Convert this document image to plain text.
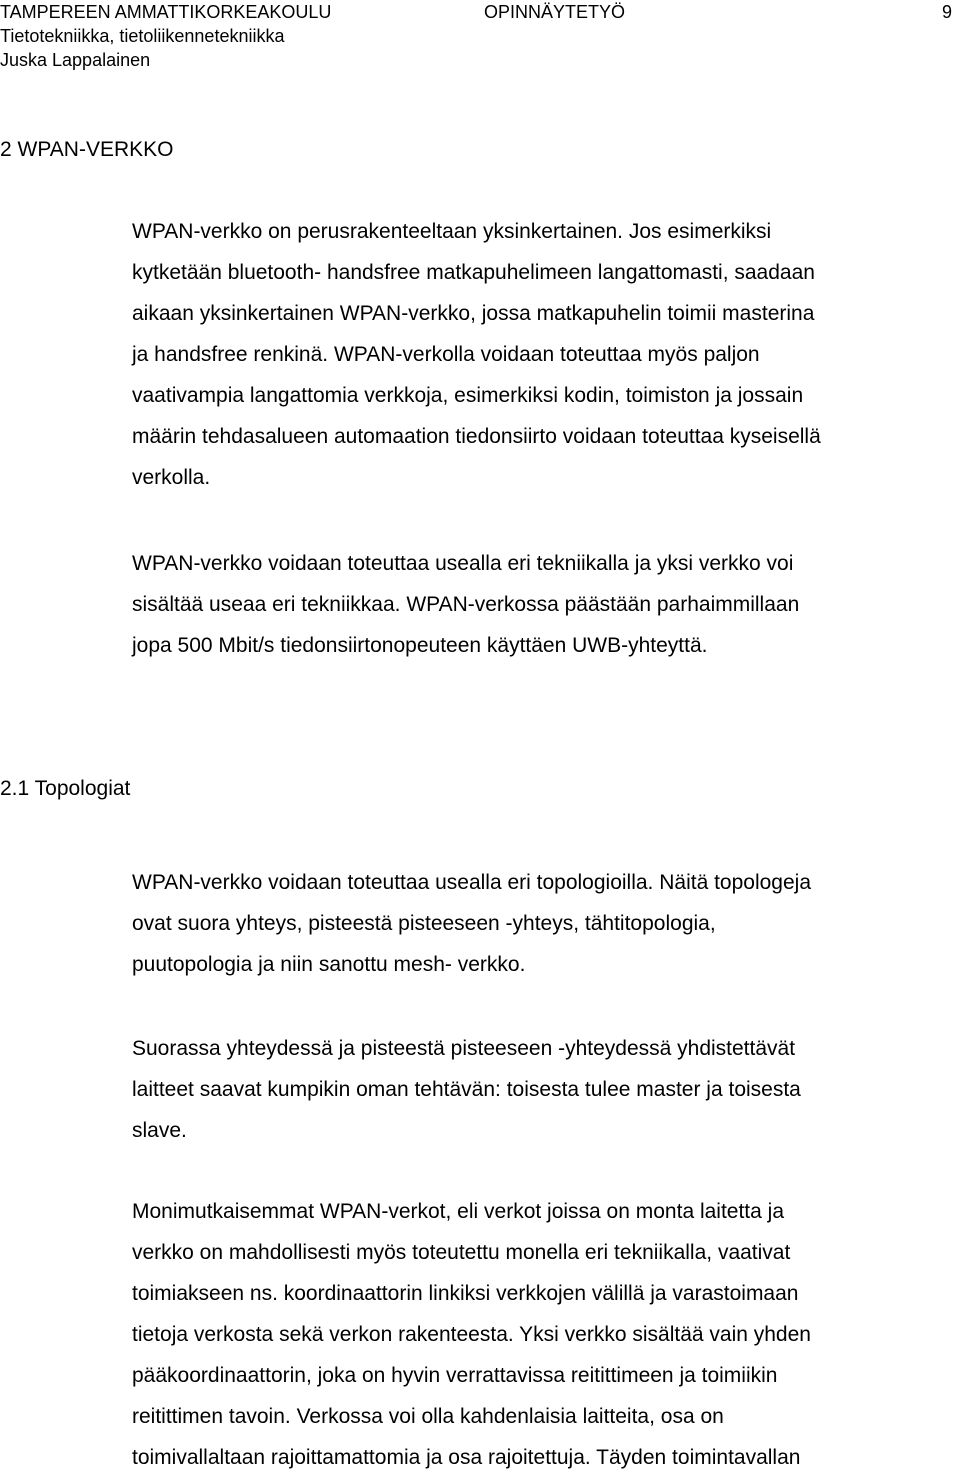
TAMPEREEN AMMATTIKORKEAKOULU	OPINNÄYTETYÖ	9
Tietotekniikka, tietoliikennetekniikka
Juska Lappalainen
2 WPAN-VERKKO

WPAN-verkko on perusrakenteeltaan yksinkertainen. Jos esimerkiksi
kytketään bluetooth- handsfree matkapuhelimeen langattomasti, saadaan
aikaan yksinkertainen WPAN-verkko, jossa matkapuhelin toimii masterina
ja handsfree renkinä. WPAN-verkolla voidaan toteuttaa myös paljon
vaativampia langattomia verkkoja, esimerkiksi kodin, toimiston ja jossain
määrin tehdasalueen automaation tiedonsiirto voidaan toteuttaa kyseisellä
verkolla.

WPAN-verkko voidaan toteuttaa usealla eri tekniikalla ja yksi verkko voi
sisältää useaa eri tekniikkaa. WPAN-verkossa päästään parhaimmillaan
jopa 500 Mbit/s tiedonsiirtonopeuteen käyttäen UWB-yhteyttä.

2.1 Topologiat

WPAN-verkko voidaan toteuttaa usealla eri topologioilla. Näitä topologeja
ovat suora yhteys, pisteestä pisteeseen -yhteys, tähtitopologia,
puutopologia ja niin sanottu mesh- verkko.

Suorassa yhteydessä ja pisteestä pisteeseen -yhteydessä yhdistettävät
laitteet saavat kumpikin oman tehtävän: toisesta tulee master ja toisesta
slave.

Monimutkaisemmat WPAN-verkot, eli verkot joissa on monta laitetta ja
verkko on mahdollisesti myös toteutettu monella eri tekniikalla, vaativat
toimiakseen ns. koordinaattorin linkiksi verkkojen välillä ja varastoimaan
tietoja verkosta sekä verkon rakenteesta. Yksi verkko sisältää vain yhden
pääkoordinaattorin, joka on hyvin verrattavissa reitittimeen ja toimiikin
reitittimen tavoin. Verkossa voi olla kahdenlaisia laitteita, osa on
toimivallaltaan rajoittamattomia ja osa rajoitettuja. Täyden toimintavallan
